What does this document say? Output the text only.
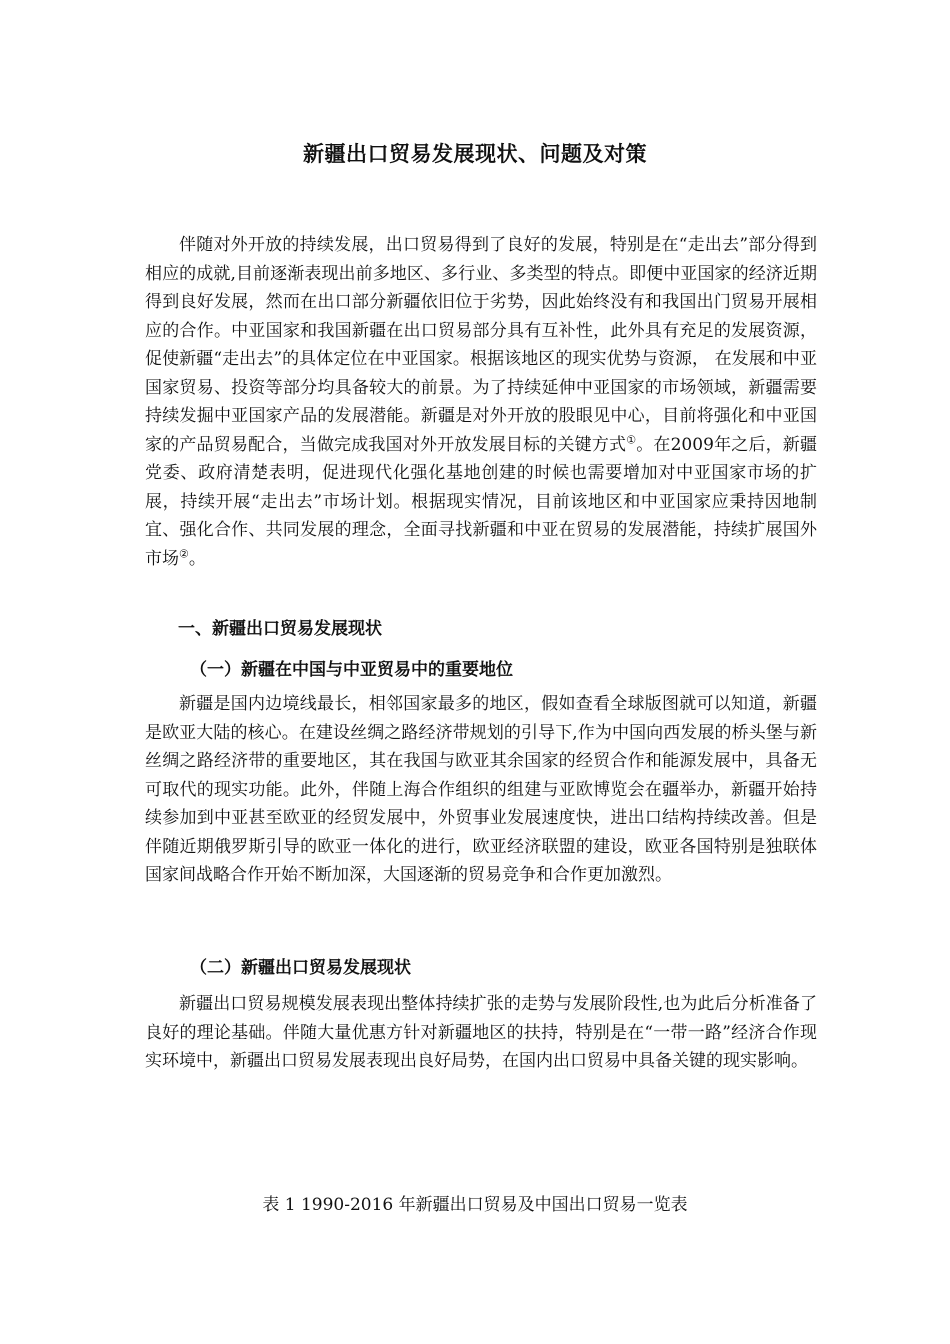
新疆出口贸易发展现状、问题及对策

伴随对外开放的持续发展，出口贸易得到了良好的发展，特别是在“走出去”部分得到相应的成就,目前逐渐表现出前多地区、多行业、多类型的特点。即便中亚国家的经济近期得到良好发展，然而在出口部分新疆依旧位于劣势，因此始终没有和我国出门贸易开展相应的合作。中亚国家和我国新疆在出口贸易部分具有互补性，此外具有充足的发展资源，促使新疆“走出去”的具体定位在中亚国家。根据该地区的现实优势与资源， 在发展和中亚国家贸易、投资等部分均具备较大的前景。为了持续延伸中亚国家的市场领域，新疆需要持续发掘中亚国家产品的发展潜能。新疆是对外开放的股眼见中心，目前将强化和中亚国家的产品贸易配合，当做完成我国对外开放发展目标的关键方式①。在2009年之后，新疆党委、政府清楚表明，促进现代化强化基地创建的时候也需要增加对中亚国家市场的扩展，持续开展“走出去”市场计划。根据现实情况，目前该地区和中亚国家应秉持因地制宜、强化合作、共同发展的理念，全面寻找新疆和中亚在贸易的发展潜能，持续扩展国外市场②。

一、新疆出口贸易发展现状
（一）新疆在中国与中亚贸易中的重要地位

新疆是国内边境线最长，相邻国家最多的地区，假如查看全球版图就可以知道，新疆是欧亚大陆的核心。在建设丝绸之路经济带规划的引导下,作为中国向西发展的桥头堡与新丝绸之路经济带的重要地区，其在我国与欧亚其余国家的经贸合作和能源发展中，具备无可取代的现实功能。此外，伴随上海合作组织的组建与亚欧博览会在疆举办，新疆开始持续参加到中亚甚至欧亚的经贸发展中，外贸事业发展速度快，进出口结构持续改善。但是伴随近期俄罗斯引导的欧亚一体化的进行，欧亚经济联盟的建设，欧亚各国特别是独联体国家间战略合作开始不断加深，大国逐渐的贸易竞争和合作更加激烈。

（二）新疆出口贸易发展现状

新疆出口贸易规模发展表现出整体持续扩张的走势与发展阶段性,也为此后分析准备了良好的理论基础。伴随大量优惠方针对新疆地区的扶持，特别是在“一带一路”经济合作现实环境中，新疆出口贸易发展表现出良好局势，在国内出口贸易中具备关键的现实影响。

表 1 1990-2016 年新疆出口贸易及中国出口贸易一览表
